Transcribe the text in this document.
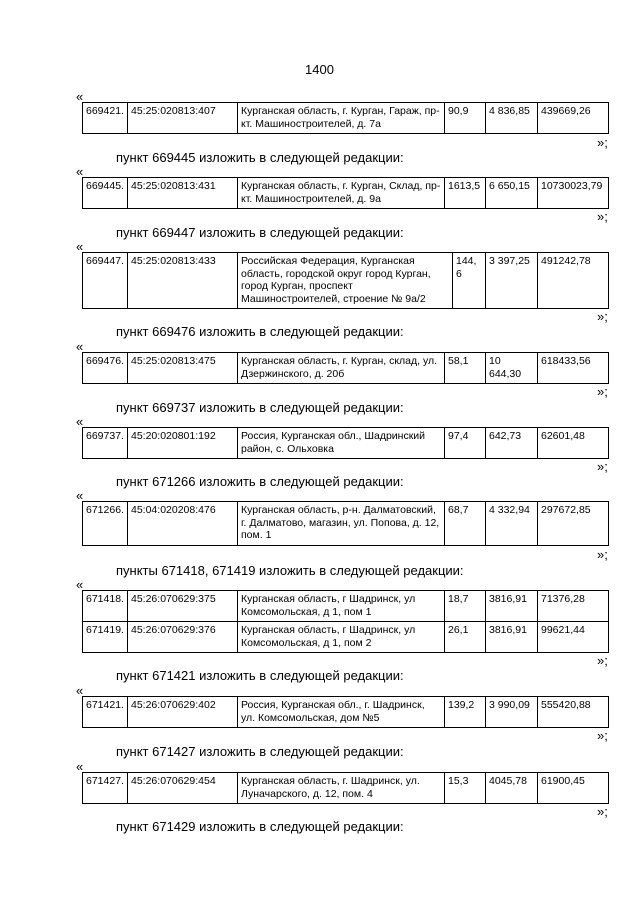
1400
«
669421.	45:25:020813:407	Курганская область, г. Курган, Гараж, пр-кт. Машиностроителей, д. 7а	90,9	4 836,85	439669,26
»;
пункт 669445 изложить в следующей редакции:
«
669445.	45:25:020813:431	Курганская область, г. Курган, Склад, пр-кт. Машиностроителей, д. 9а	1613,5	6 650,15	10730023,79
»;
пункт 669447 изложить в следующей редакции:
«
669447.	45:25:020813:433	Российская Федерация, Курганская область, городской округ город Курган, город Курган, проспект Машиностроителей, строение № 9а/2	144,6	3 397,25	491242,78
»;
пункт 669476 изложить в следующей редакции:
«
669476.	45:25:020813:475	Курганская область, г. Курган, склад, ул. Дзержинского, д. 20б	58,1	10 644,30	618433,56
»;
пункт 669737 изложить в следующей редакции:
«
669737.	45:20:020801:192	Россия, Курганская обл., Шадринский район, с. Ольховка	97,4	642,73	62601,48
»;
пункт 671266 изложить в следующей редакции:
«
671266.	45:04:020208:476	Курганская область, р-н. Далматовский, г. Далматово, магазин, ул. Попова, д. 12, пом. 1	68,7	4 332,94	297672,85
»;
пункты 671418, 671419 изложить в следующей редакции:
«
671418.	45:26:070629:375	Курганская область, г Шадринск, ул Комсомольская, д 1, пом 1	18,7	3816,91	71376,28
671419.	45:26:070629:376	Курганская область, г Шадринск, ул Комсомольская, д 1, пом 2	26,1	3816,91	99621,44
»;
пункт 671421 изложить в следующей редакции:
«
671421.	45:26:070629:402	Россия, Курганская обл., г. Шадринск, ул. Комсомольская, дом №5	139,2	3 990,09	555420,88
»;
пункт 671427 изложить в следующей редакции:
«
671427.	45:26:070629:454	Курганская область, г. Шадринск, ул. Луначарского, д. 12, пом. 4	15,3	4045,78	61900,45
»;
пункт 671429 изложить в следующей редакции:
